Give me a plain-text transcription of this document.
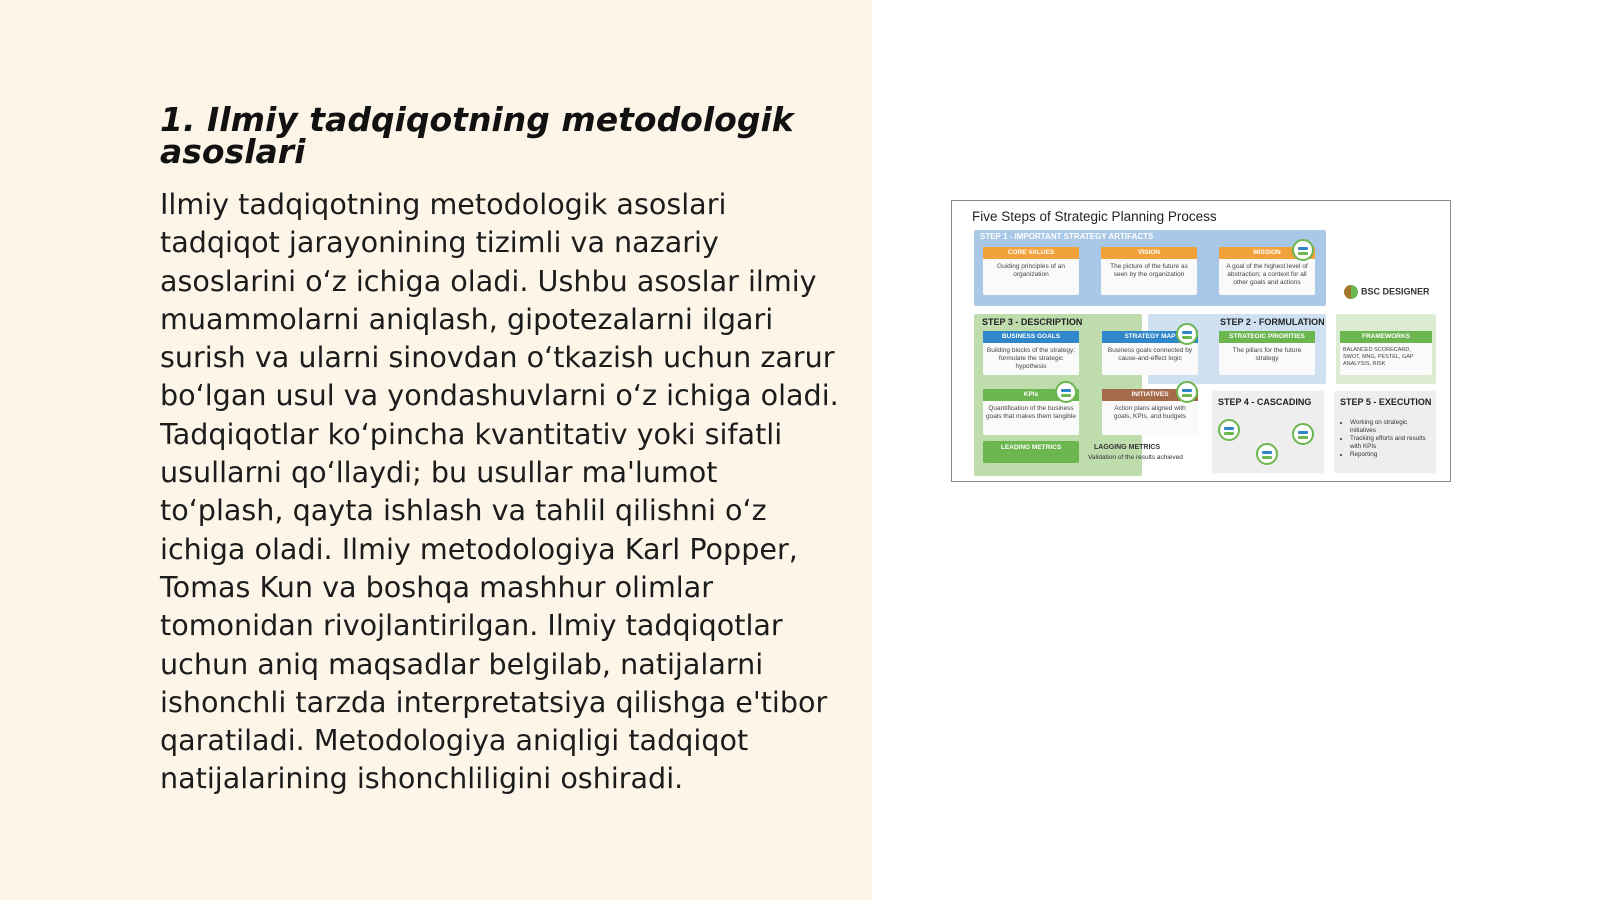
1. Ilmiy tadqiqotning metodologik asoslari

Ilmiy tadqiqotning metodologik asoslari tadqiqot jarayonining tizimli va nazariy asoslarini o‘z ichiga oladi. Ushbu asoslar ilmiy muammolarni aniqlash, gipotezalarni ilgari surish va ularni sinovdan o‘tkazish uchun zarur bo‘lgan usul va yondashuvlarni o‘z ichiga oladi. Tadqiqotlar ko‘pincha kvantitativ yoki sifatli usullarni qo‘llaydi; bu usullar ma'lumot to‘plash, qayta ishlash va tahlil qilishni o‘z ichiga oladi. Ilmiy metodologiya Karl Popper, Tomas Kun va boshqa mashhur olimlar tomonidan rivojlantirilgan. Ilmiy tadqiqotlar uchun aniq maqsadlar belgilab, natijalarni ishonchli tarzda interpretatsiya qilishga e'tibor qaratiladi. Metodologiya aniqligi tadqiqot natijalarining ishonchliligini oshiradi.

Five Steps of Strategic Planning Process
STEP 1 - IMPORTANT STRATEGY ARTIFACTS
CORE VALUES
Guiding principles of an organization
VISION
The picture of the future as seen by the organization
MISSION
A goal of the highest level of abstraction; a context for all other goals and actions
BSC DESIGNER
STEP 3 - DESCRIPTION	STEP 2 - FORMULATION
BUSINESS GOALS
Building blocks of the strategy; formulate the strategic hypothesis
STRATEGY MAP
Business goals connected by cause-and-effect logic
STRATEGIC PRIORITIES
The pillars for the future strategy
FRAMEWORKS
BALANCED SCORECARD, SWOT, MNG, PESTEL, GAP ANALYSIS, RISK
KPIs
Quantification of the business goals that makes them tangible
INITIATIVES
Action plans aligned with goals, KPIs, and budgets
LEADING METRICS	LAGGING METRICS
Validation of the results achieved
STEP 4 - CASCADING	STEP 5 - EXECUTION
• Working on strategic initiatives
• Tracking efforts and results with KPIs
• Reporting
